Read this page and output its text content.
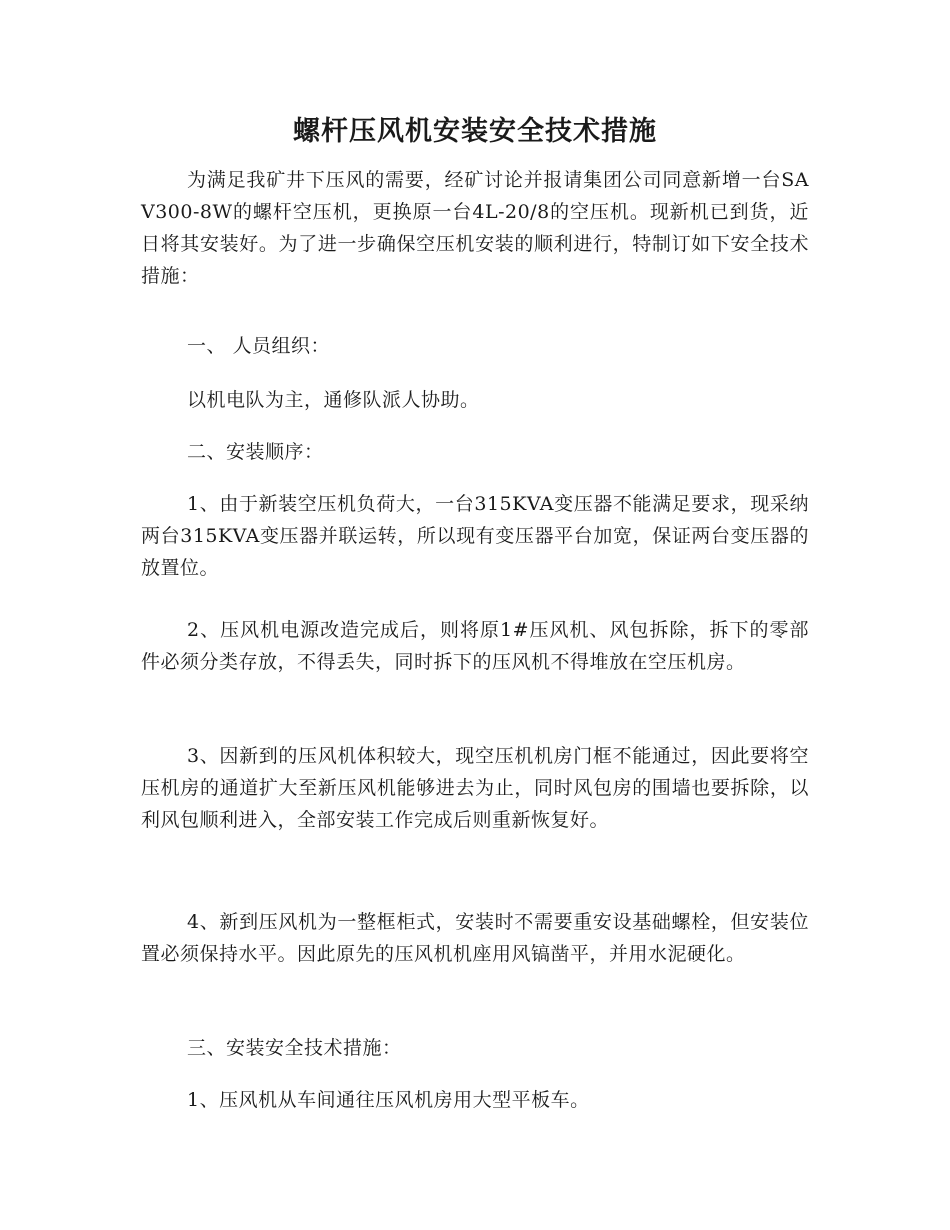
螺杆压风机安装安全技术措施

为满足我矿井下压风的需要，经矿讨论并报请集团公司同意新增一台SAV300-8W的螺杆空压机，更换原一台4L-20/8的空压机。现新机已到货，近日将其安装好。为了进一步确保空压机安装的顺利进行，特制订如下安全技术措施：

一、 人员组织：

以机电队为主，通修队派人协助。

二、安装顺序：

1、由于新装空压机负荷大，一台315KVA变压器不能满足要求，现采纳两台315KVA变压器并联运转，所以现有变压器平台加宽，保证两台变压器的放置位。

2、压风机电源改造完成后，则将原1#压风机、风包拆除，拆下的零部件必须分类存放，不得丢失，同时拆下的压风机不得堆放在空压机房。

3、因新到的压风机体积较大，现空压机机房门框不能通过，因此要将空压机房的通道扩大至新压风机能够进去为止，同时风包房的围墙也要拆除，以利风包顺利进入，全部安装工作完成后则重新恢复好。

4、新到压风机为一整框柜式，安装时不需要重安设基础螺栓，但安装位置必须保持水平。因此原先的压风机机座用风镐凿平，并用水泥硬化。

三、安装安全技术措施：

1、压风机从车间通往压风机房用大型平板车。
